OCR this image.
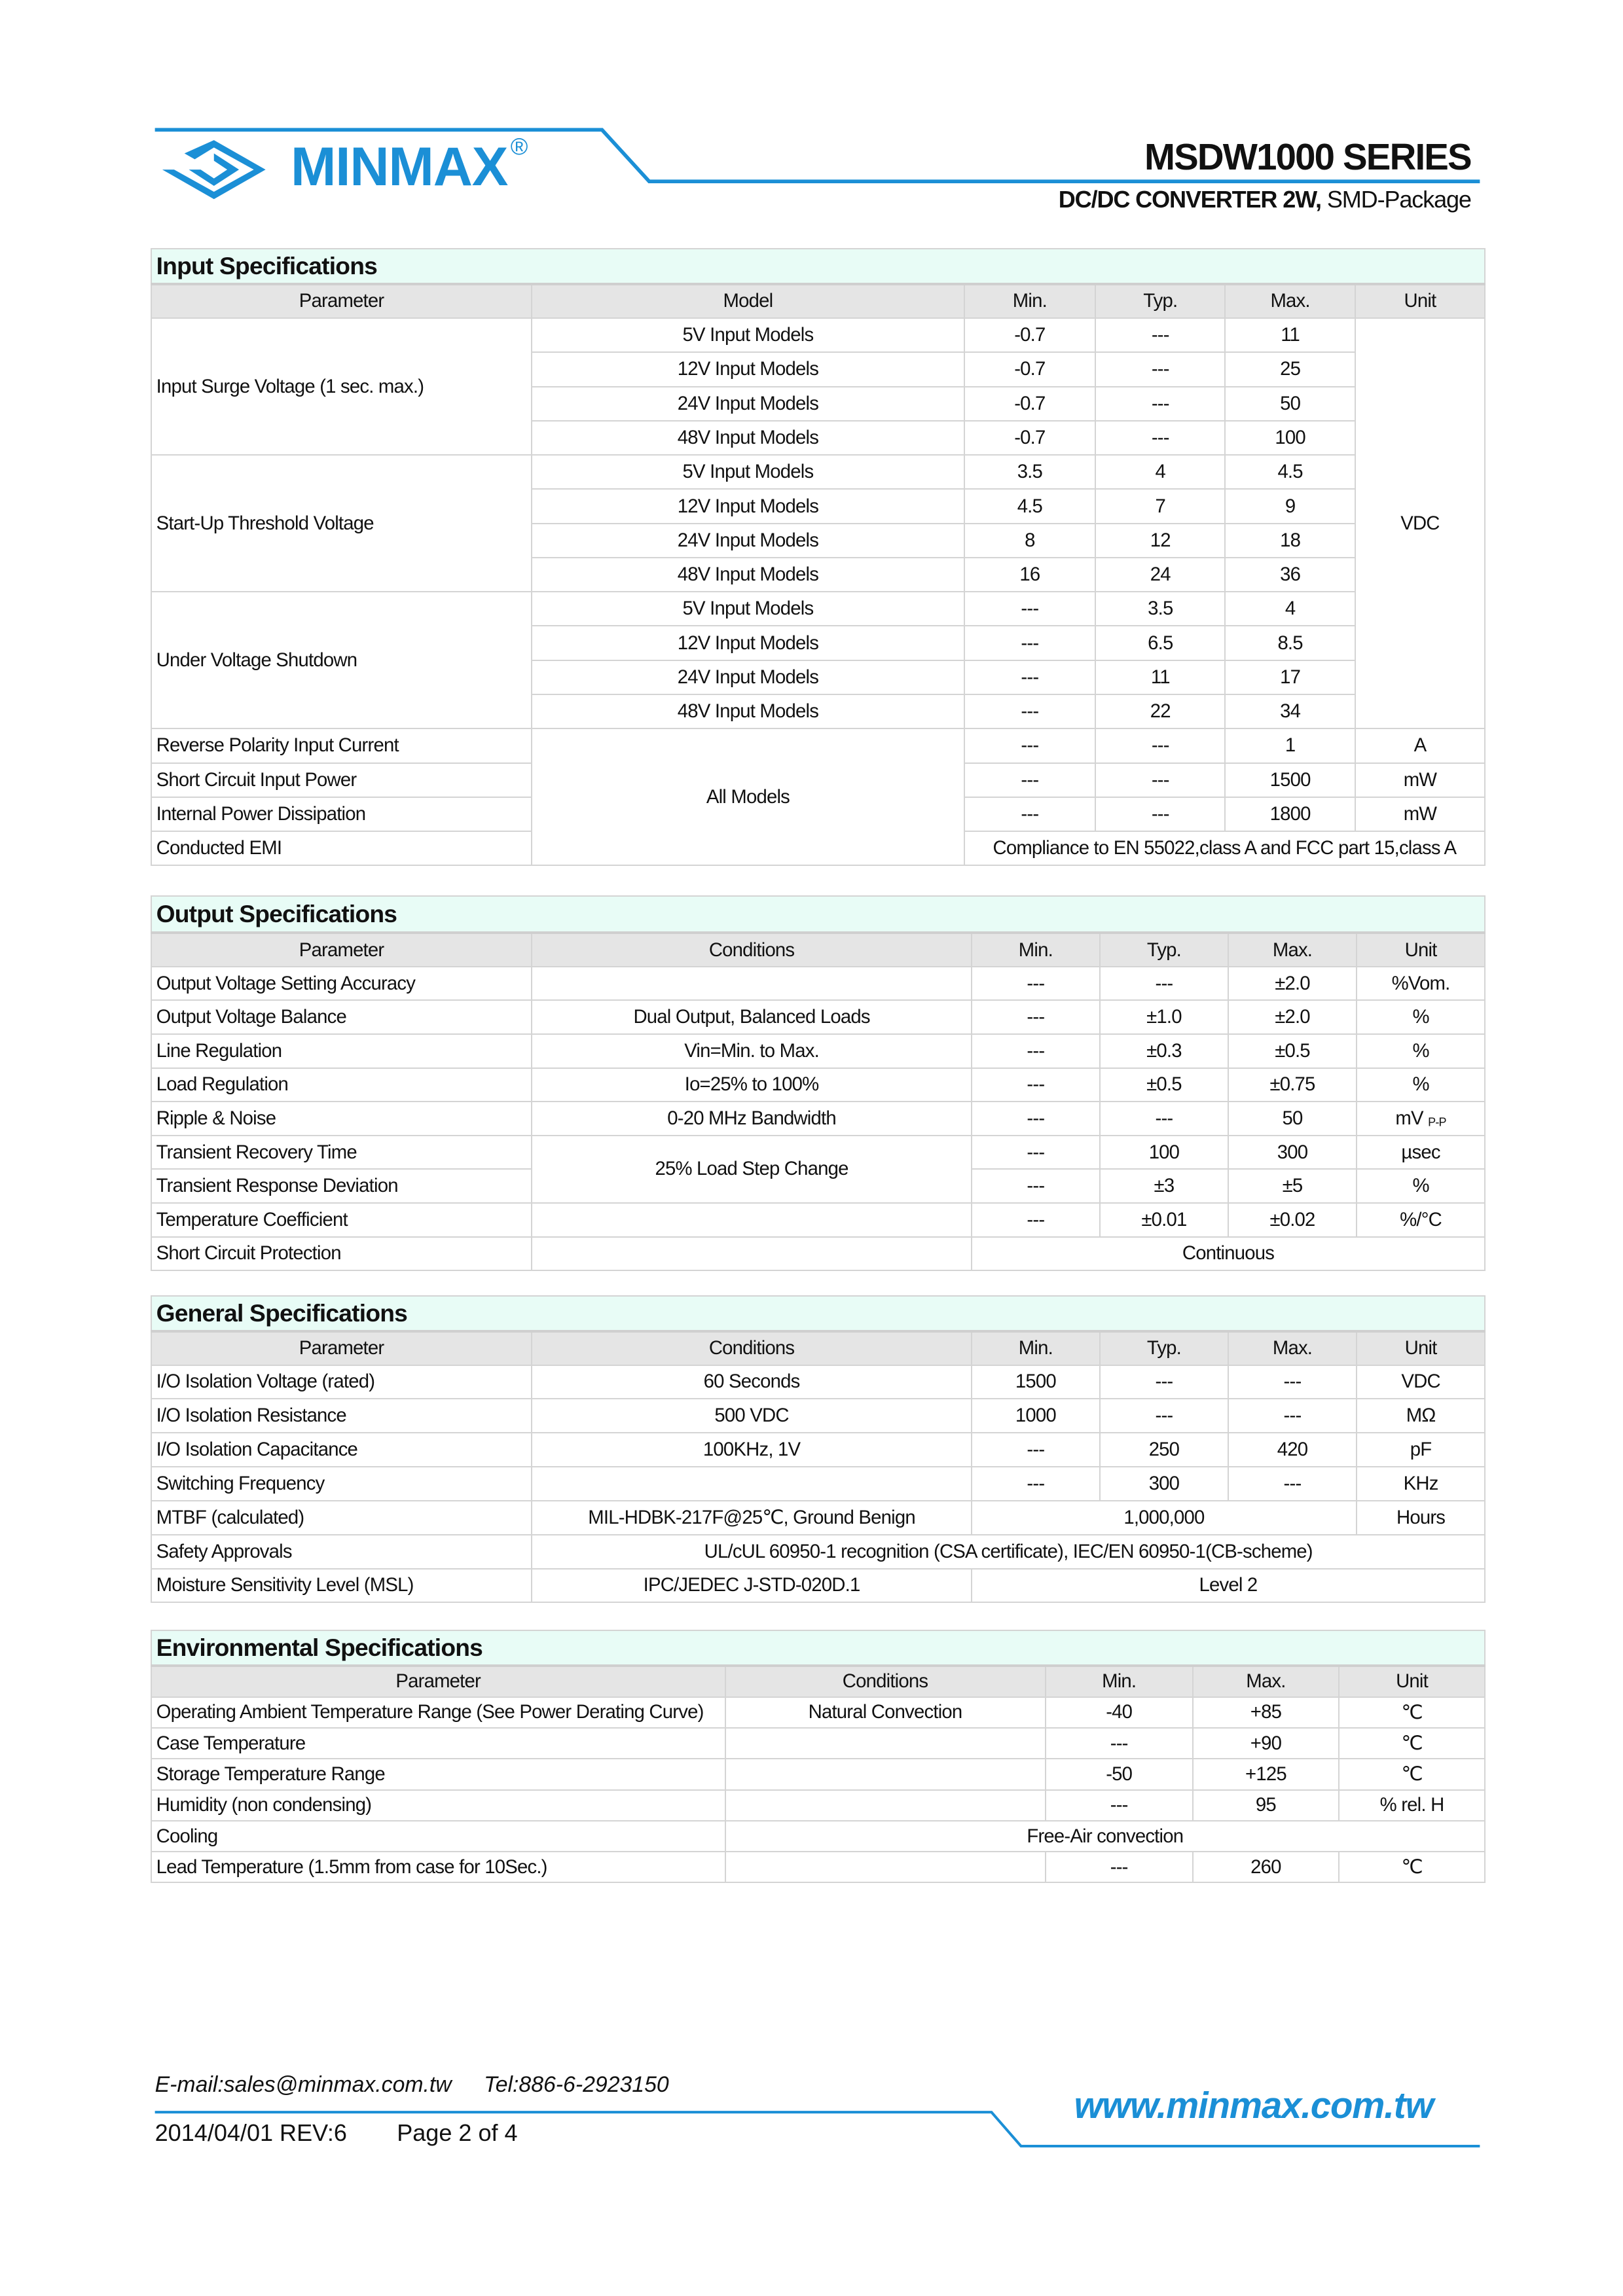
MINMAX ®	MSDW1000 SERIES
DC/DC CONVERTER 2W, SMD-Package
Input Specifications					
Parameter	Model	Min.	Typ.	Max.	Unit
Input Surge Voltage (1 sec. max.)	5V Input Models	-0.7	---	11	VDC
	12V Input Models	-0.7	---	25	
	24V Input Models	-0.7	---	50	
	48V Input Models	-0.7	---	100	
Start-Up Threshold Voltage	5V Input Models	3.5	4	4.5	
	12V Input Models	4.5	7	9	
	24V Input Models	8	12	18	
	48V Input Models	16	24	36	
Under Voltage Shutdown	5V Input Models	---	3.5	4	
	12V Input Models	---	6.5	8.5	
	24V Input Models	---	11	17	
	48V Input Models	---	22	34	
Reverse Polarity Input Current	All Models	---	---	1	A
Short Circuit Input Power		---	---	1500	mW
Internal Power Dissipation		---	---	1800	mW
Conducted EMI		Compliance to EN 55022,class A and FCC part 15,class A			
Output Specifications					
Parameter	Conditions	Min.	Typ.	Max.	Unit
Output Voltage Setting Accuracy		---	---	±2.0	%Vom.
Output Voltage Balance	Dual Output, Balanced Loads	---	±1.0	±2.0	%
Line Regulation	Vin=Min. to Max.	---	±0.3	±0.5	%
Load Regulation	Io=25% to 100%	---	±0.5	±0.75	%
Ripple & Noise	0-20 MHz Bandwidth	---	---	50	mV $_{P-P}$
Transient Recovery Time	25% Load Step Change	---	100	300	µsec
Transient Response Deviation		---	±3	±5	%
Temperature Coefficient		---	±0.01	±0.02	%/°C
Short Circuit Protection		Continuous			
General Specifications					
Parameter	Conditions	Min.	Typ.	Max.	Unit
I/O Isolation Voltage (rated)	60 Seconds	1500	---	---	VDC
I/O Isolation Resistance	500 VDC	1000	---	---	MΩ
I/O Isolation Capacitance	100KHz, 1V	---	250	420	pF
Switching Frequency		---	300	---	KHz
MTBF (calculated)	MIL-HDBK-217F@25℃, Ground Benign	1,000,000			Hours
Safety Approvals	UL/cUL 60950-1 recognition (CSA certificate), IEC/EN 60950-1(CB-scheme)				
Moisture Sensitivity Level (MSL)	IPC/JEDEC J-STD-020D.1	Level 2			
Environmental Specifications				
Parameter	Conditions	Min.	Max.	Unit
Operating Ambient Temperature Range (See Power Derating Curve)	Natural Convection	-40	+85	℃
Case Temperature		---	+90	℃
Storage Temperature Range		-50	+125	℃
Humidity (non condensing)		---	95	% rel. H
Cooling	Free-Air convection			
Lead Temperature (1.5mm from case for 10Sec.)		---	260	℃
E-mail:sales@minmax.com.tw	Tel:886-6-2923150
www.minmax.com.tw
2014/04/01 REV:6	Page 2 of 4
